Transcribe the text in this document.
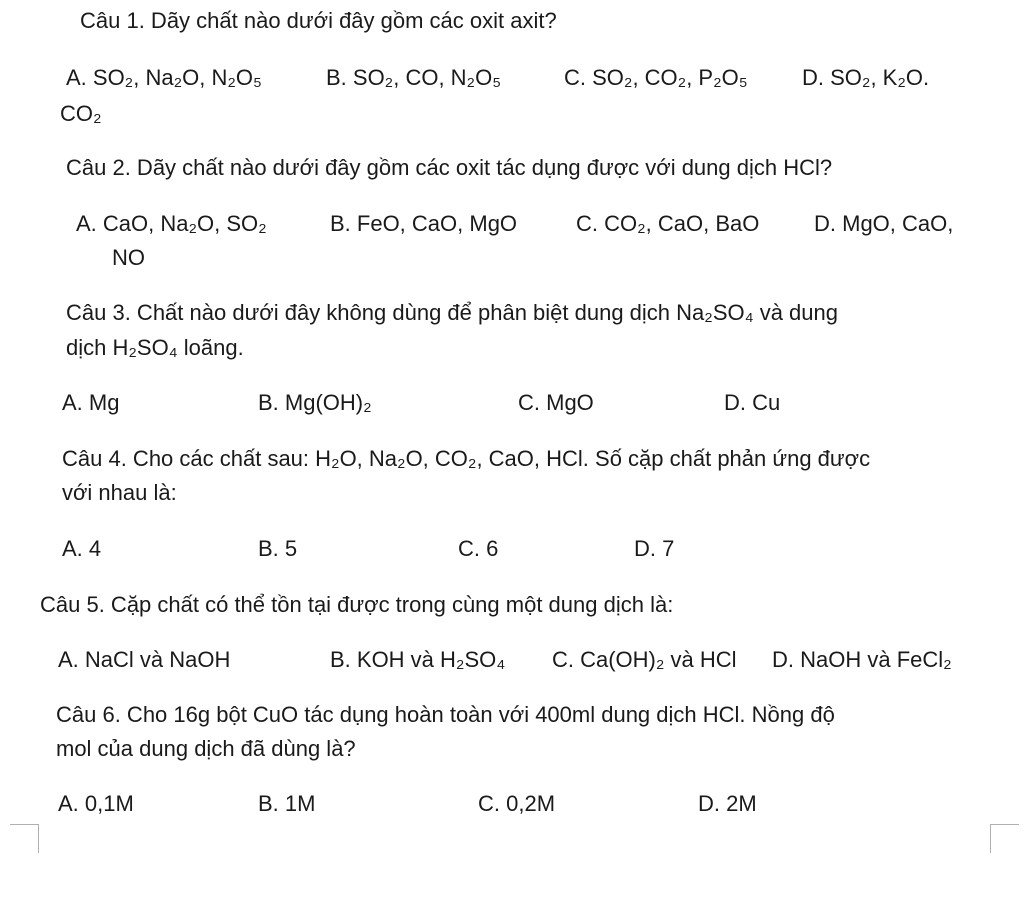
Câu 1. Dãy chất nào dưới đây gồm các oxit axit?
A. SO₂, Na₂O, N₂O₅	B. SO₂, CO, N₂O₅	C. SO₂, CO₂, P₂O₅ D. SO₂, K₂O.
CO₂
Câu 2. Dãy chất nào dưới đây gồm các oxit tác dụng được với dung dịch HCl?
A. CaO, Na₂O, SO₂	B. FeO, CaO, MgO	C. CO₂, CaO, BaO D. MgO, CaO,
NO
Câu 3. Chất nào dưới đây không dùng để phân biệt dung dịch Na₂SO₄ và dung
dịch H₂SO₄ loãng.
A. Mg	B. Mg(OH)₂	C. MgO	D. Cu
Câu 4. Cho các chất sau: H₂O, Na₂O, CO₂, CaO, HCl. Số cặp chất phản ứng được
với nhau là:
A. 4	B. 5	C. 6	D. 7
Câu 5. Cặp chất có thể tồn tại được trong cùng một dung dịch là:
A. NaCl và NaOH	B. KOH và H₂SO₄ C. Ca(OH)₂ và HCl D. NaOH và FeCl₂
Câu 6. Cho 16g bột CuO tác dụng hoàn toàn với 400ml dung dịch HCl. Nồng độ
mol của dung dịch đã dùng là?
A. 0,1M	B. 1M	C. 0,2M	D. 2M
